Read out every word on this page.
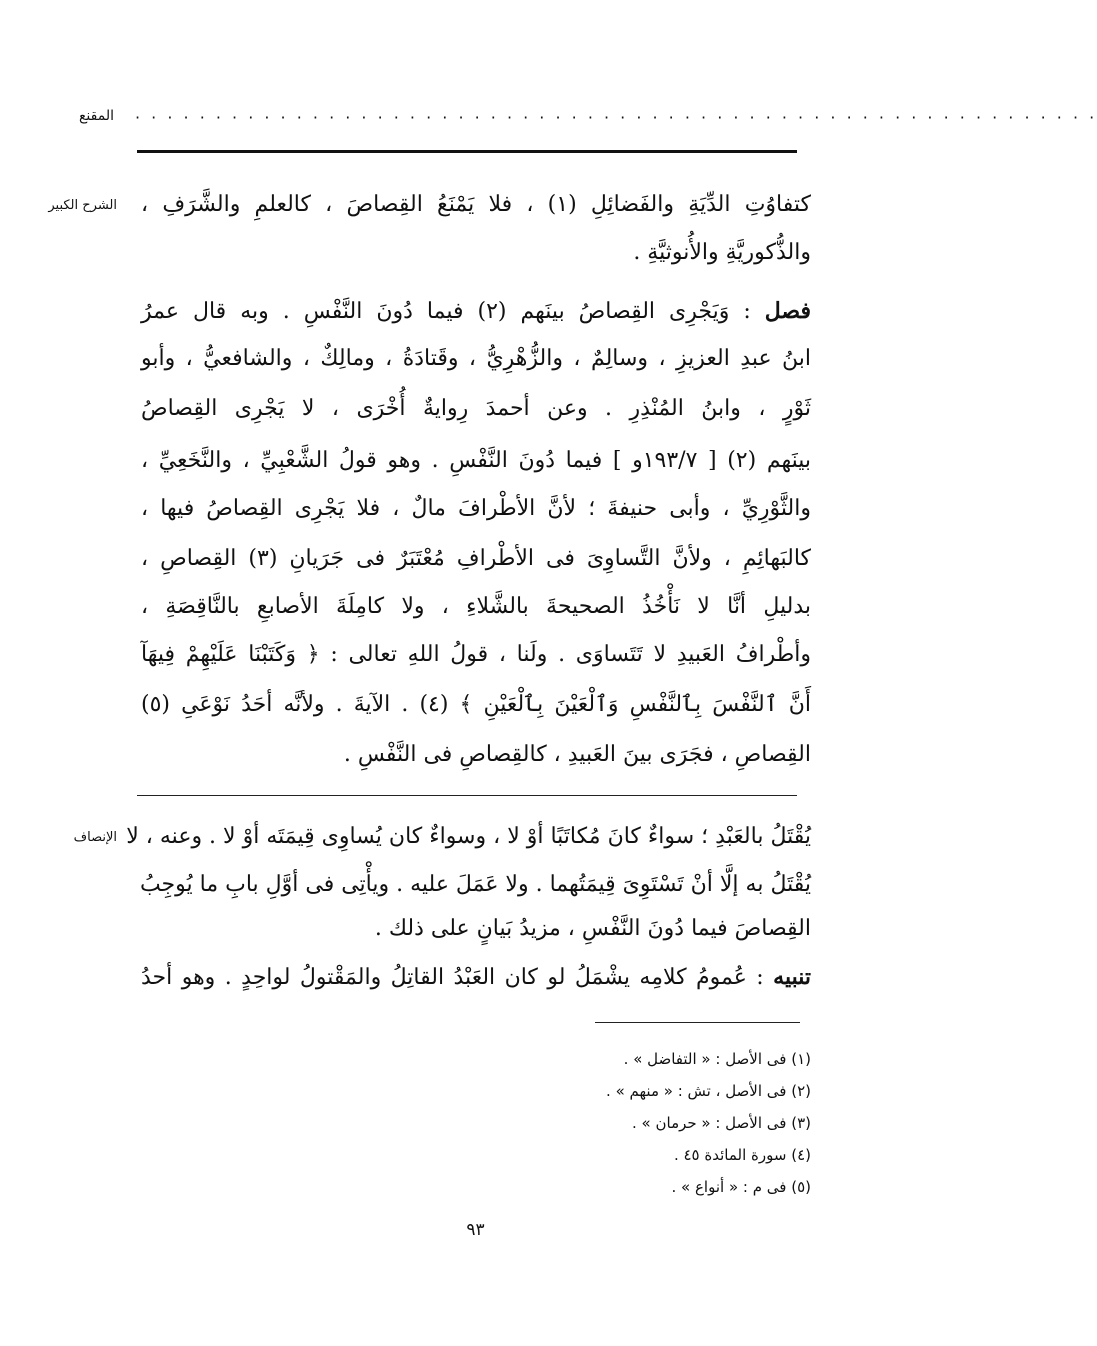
· · · · · · · · · · · · · · · · · · · · · · · · · · · · · · · · · · · · · · · · · · · · · · · · · · · · · · · · · · · ·
المقنع
الشرح الكبير
الإنصاف
كتفاوُتِ الدِّيَةِ والفَضائِلِ (١) ، فلا يَمْنَعُ القِصاصَ ، كالعلمِ والشَّرَفِ ،
والذُّكوريَّةِ والأُنوثيَّةِ .
فصل : وَيَجْرِى القِصاصُ بينَهم (٢) فيما دُونَ النَّفْسِ . وبه قال عمرُ
ابنُ عبدِ العزيزِ ، وسالِمٌ ، والزُّهْرِيُّ ، وقَتادَةُ ، ومالِكٌ ، والشافعيُّ ، وأبو
ثَوْرٍ ، وابنُ المُنْذِرِ . وعن أحمدَ رِوايةٌ أُخْرَى ، لا يَجْرِى القِصاصُ
بينَهم (٢) [ ١٩٣/٧و ] فيما دُونَ النَّفْسِ . وهو قولُ الشَّعْبِيِّ ، والنَّخَعِيِّ ،
والثَّوْرِيِّ ، وأبى حنيفةَ ؛ لأنَّ الأطْرافَ مالٌ ، فلا يَجْرِى القِصاصُ فيها ،
كالبَهائِمِ ، ولأنَّ التَّساوِىَ فى الأطْرافِ مُعْتَبَرٌ فى جَرَيانِ (٣) القِصاصِ ،
بدليلِ أنَّا لا نَأْخُذُ الصحيحةَ بالشَّلاءِ ، ولا كامِلَةَ الأصابعِ بالنَّاقِصَةِ ،
وأطْرافُ العَبيدِ لا تَتَساوَى . ولَنا ، قولُ اللهِ تعالى : ﴿ وَكَتَبْنَا عَلَيْهِمْ فِيهَآ
أَنَّ ٱلنَّفْسَ بِٱلنَّفْسِ وَٱلْعَيْنَ بِٱلْعَيْنِ ﴾ (٤) . الآيةَ . ولأنَّه أحَدُ نَوْعَىِ (٥)
القِصاصِ ، فجَرَى بينَ العَبيدِ ، كالقِصاصِ فى النَّفْسِ .
يُقْتَلُ بالعَبْدِ ؛ سواءٌ كانَ مُكاتَبًا أوْ لا ، وسواءٌ كان يُساوِى قِيمَتَه أوْ لا . وعنه ، لا
يُقْتَلُ به إلَّا أنْ تَسْتَوِىَ قِيمَتُهما . ولا عَمَلَ عليه . ويأْتِى فى أوَّلِ بابِ ما يُوجِبُ
القِصاصَ فيما دُونَ النَّفْسِ ، مزيدُ بَيانٍ على ذلك .
تنبيه : عُمومُ كلامِه يشْمَلُ لو كان العَبْدُ القاتِلُ والمَقْتولُ لواحِدٍ . وهو أحدُ
(١) فى الأصل : « التفاضل » .
(٢) فى الأصل ، تش : « منهم » .
(٣) فى الأصل : « حرمان » .
(٤) سورة المائدة ٤٥ .
(٥) فى م : « أنواع » .
٩٣
